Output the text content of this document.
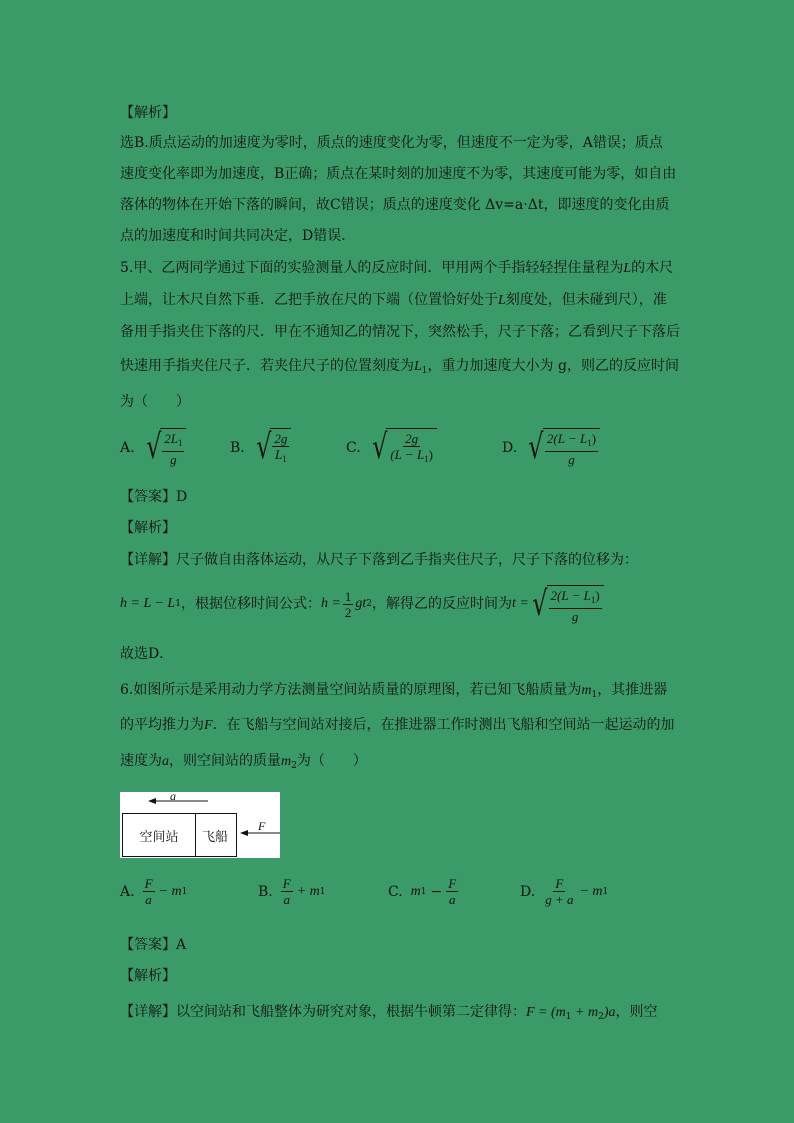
【解析】
选B.质点运动的加速度为零时，质点的速度变化为零，但速度不一定为零，A错误；质点
速度变化率即为加速度，B正确；质点在某时刻的加速度不为零，其速度可能为零，如自由
落体的物体在开始下落的瞬间，故C错误；质点的速度变化 Δv=a·Δt，即速度的变化由质
点的加速度和时间共同决定，D错误．
5.甲、乙两同学通过下面的实验测量人的反应时间．甲用两个手指轻轻捏住量程为L的木尺
上端，让木尺自然下垂．乙把手放在尺的下端（位置恰好处于L刻度处，但未碰到尺），准
备用手指夹住下落的尺．甲在不通知乙的情况下，突然松手，尺子下落；乙看到尺子下落后
快速用手指夹住尺子．若夹住尺子的位置刻度为$L_1$，重力加速度大小为 g，则乙的反应时间
为（　　）
A. √ $\frac{2L_1}{g}$	B. √ $\frac{2g}{L_1}$	C. √ $\frac{2g}{(L - L_1)}$	D. √ $\frac{2(L - L_1)}{g}$
【答案】D
【解析】
【详解】尺子做自由落体运动，从尺子下落到乙手指夹住尺子，尺子下落的位移为：
h = L − L 1 ，根据位移时间公式： $h = \frac{1}{2}$ gt 2 ，解得乙的反应时间为 t = √ $\frac{2(L - L_1)}{g}$
故选D．
6.如图所示是采用动力学方法测量空间站质量的原理图，若已知飞船质量为$m_1$，其推进器
的平均推力为F．在飞船与空间站对接后，在推进器工作时测出飞船和空间站一起运动的加
速度为a，则空间站的质量$m_2$为（　　）
a
F
空间站	飞船
A. $\frac{F}{a} - m$ 1	B. $\frac{F}{a} + m$ 1	C. m $1 - \frac{F}{a}$	D. $\frac{F}{g + a} - m$ 1
【答案】A
【解析】
【详解】以空间站和飞船整体为研究对象，根据牛顿第二定律得：$F = (m_1 + m_2)a$，则空
